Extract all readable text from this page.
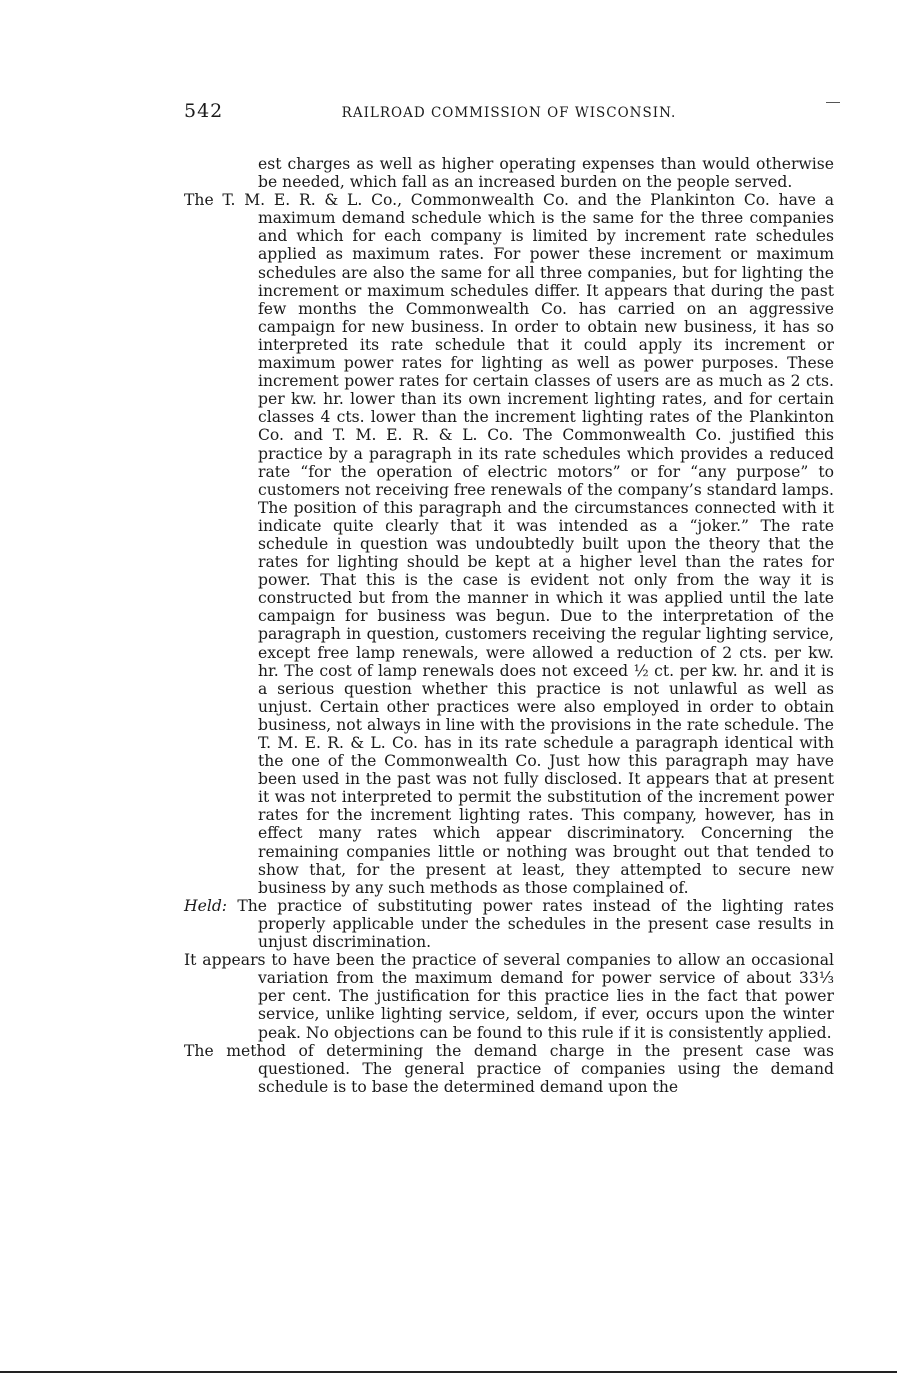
542	RAILROAD COMMISSION OF WISCONSIN.

est charges as well as higher operating expenses than would otherwise be needed, which fall as an increased burden on the people served.

The T. M. E. R. & L. Co., Commonwealth Co. and the Plankinton Co. have a maximum demand schedule which is the same for the three companies and which for each company is limited by increment rate schedules applied as maximum rates. For power these increment or maximum schedules are also the same for all three companies, but for lighting the increment or maximum schedules differ. It appears that during the past few months the Commonwealth Co. has carried on an aggressive campaign for new business. In order to obtain new business, it has so interpreted its rate schedule that it could apply its increment or maximum power rates for lighting as well as power purposes. These increment power rates for certain classes of users are as much as 2 cts. per kw. hr. lower than its own increment lighting rates, and for certain classes 4 cts. lower than the increment lighting rates of the Plankinton Co. and T. M. E. R. & L. Co. The Commonwealth Co. justified this practice by a paragraph in its rate schedules which provides a reduced rate “for the operation of electric motors” or for “any purpose” to customers not receiving free renewals of the company’s standard lamps. The position of this paragraph and the circumstances connected with it indicate quite clearly that it was intended as a “joker.” The rate schedule in question was undoubtedly built upon the theory that the rates for lighting should be kept at a higher level than the rates for power. That this is the case is evident not only from the way it is constructed but from the manner in which it was applied until the late campaign for business was begun. Due to the interpretation of the paragraph in question, customers receiving the regular lighting service, except free lamp renewals, were allowed a reduction of 2 cts. per kw. hr. The cost of lamp renewals does not exceed ½ ct. per kw. hr. and it is a serious question whether this practice is not unlawful as well as unjust. Certain other practices were also employed in order to obtain business, not always in line with the provisions in the rate schedule. The T. M. E. R. & L. Co. has in its rate schedule a paragraph identical with the one of the Commonwealth Co. Just how this paragraph may have been used in the past was not fully disclosed. It appears that at present it was not interpreted to permit the substitution of the increment power rates for the increment lighting rates. This company, however, has in effect many rates which appear discriminatory. Concerning the remaining companies little or nothing was brought out that tended to show that, for the present at least, they attempted to secure new business by any such methods as those complained of.

Held: The practice of substituting power rates instead of the lighting rates properly applicable under the schedules in the present case results in unjust discrimination.

It appears to have been the practice of several companies to allow an occasional variation from the maximum demand for power service of about 33⅓ per cent. The justification for this practice lies in the fact that power service, unlike lighting service, seldom, if ever, occurs upon the winter peak. No objections can be found to this rule if it is consistently applied.

The method of determining the demand charge in the present case was questioned. The general practice of companies using the demand schedule is to base the determined demand upon the
